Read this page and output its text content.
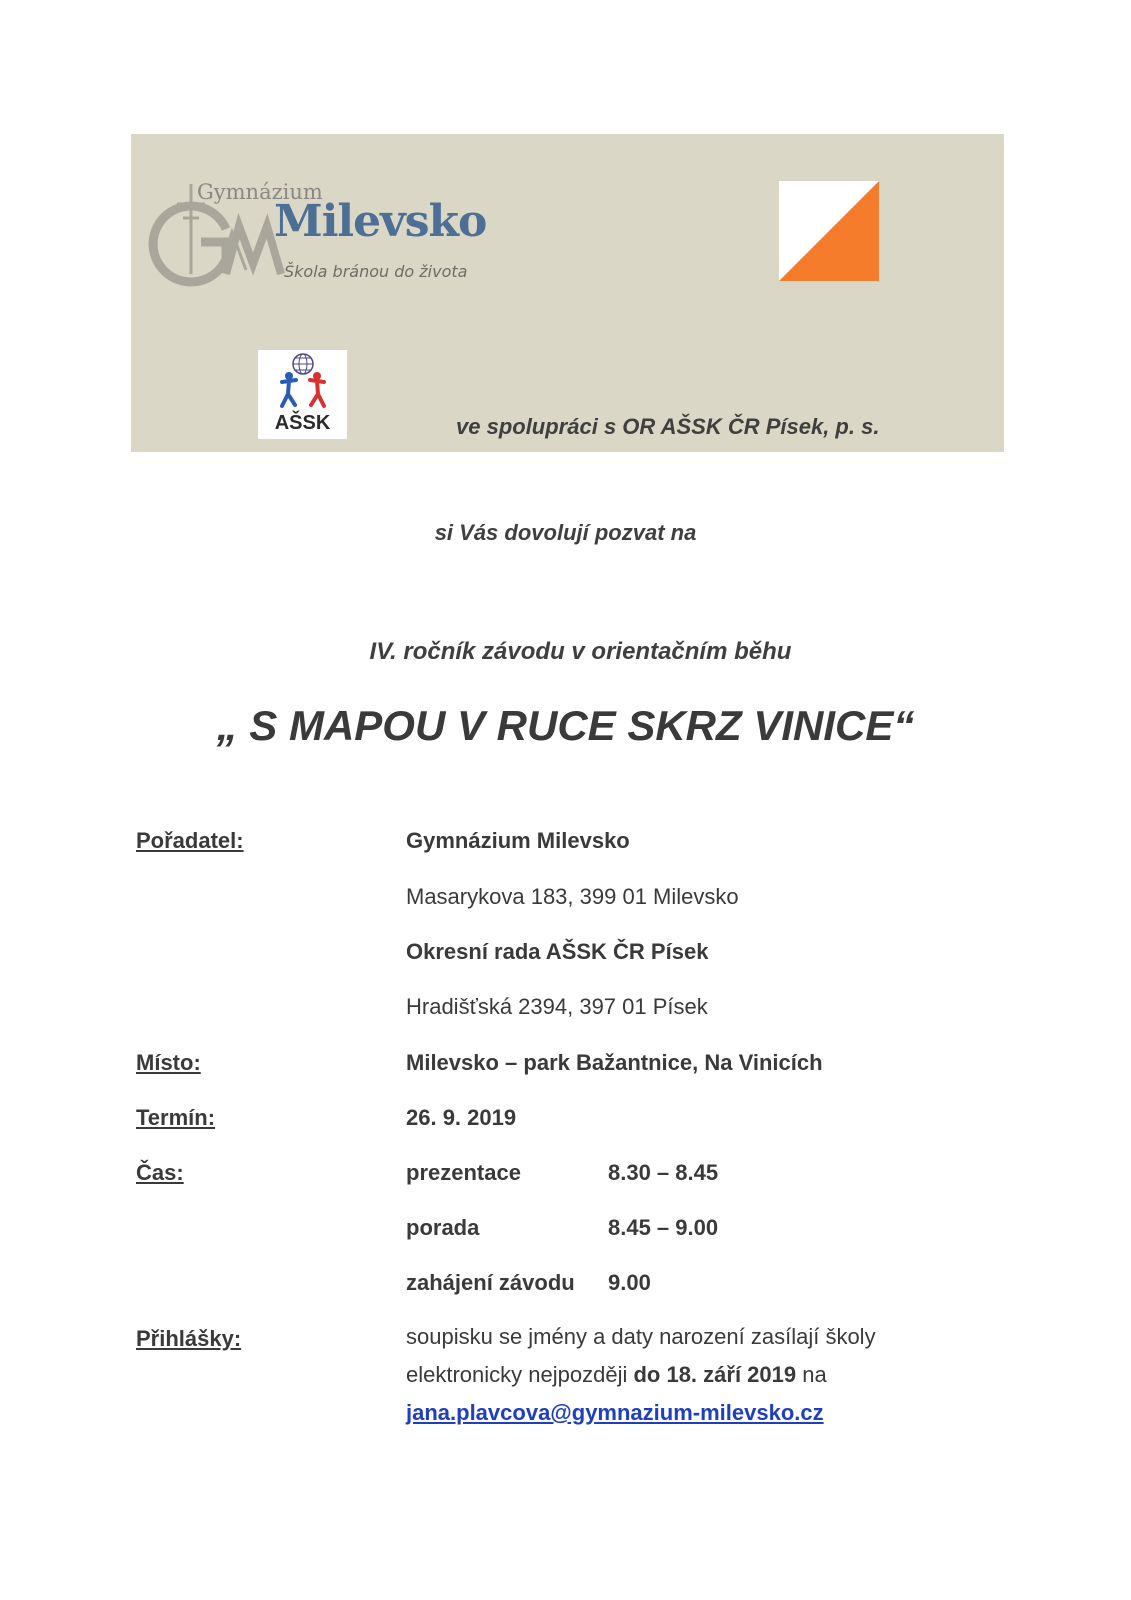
Gymnázium
Milevsko
Škola bránou do života
AŠSK	ve spolupráci s OR AŠSK ČR Písek, p. s.
si Vás dovolují pozvat na
IV. ročník závodu v orientačním běhu
„ S MAPOU V RUCE SKRZ VINICE“
Pořadatel:	Gymnázium Milevsko
Masarykova 183, 399 01 Milevsko
Okresní rada AŠSK ČR Písek
Hradišťská 2394, 397 01 Písek
Místo:	Milevsko – park Bažantnice, Na Vinicích
Termín:	26. 9. 2019
Čas:	prezentace	8.30 – 8.45
porada	8.45 – 9.00
zahájení závodu 9.00
Přihlášky:	soupisku se jmény a daty narození zasílají školy
elektronicky nejpozději do 18. září 2019 na
jana.plavcova@gymnazium-milevsko.cz
